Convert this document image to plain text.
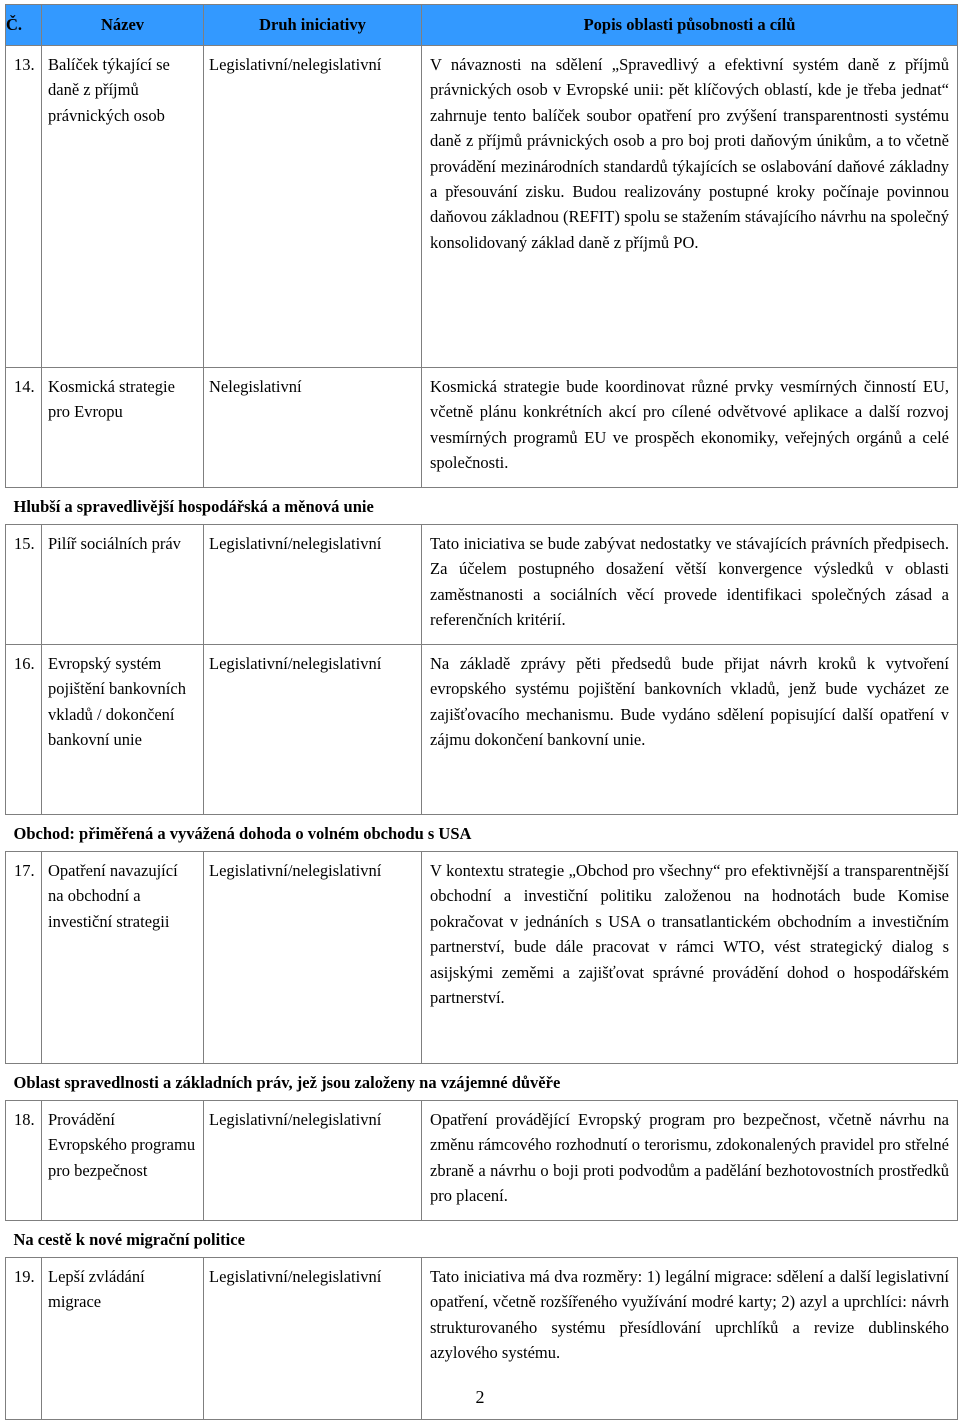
Č.	Název	Druh iniciativy	Popis oblasti působnosti a cílů
13.	Balíček týkající se daně z příjmů právnických osob	Legislativní/nelegislativní	V návaznosti na sdělení „Spravedlivý a efektivní systém daně z příjmů právnických osob v Evropské unii: pět klíčových oblastí, kde je třeba jednat“ zahrnuje tento balíček soubor opatření pro zvýšení transparentnosti systému daně z příjmů právnických osob a pro boj proti daňovým únikům, a to včetně provádění mezinárodních standardů týkajících se oslabování daňové základny a přesouvání zisku. Budou realizovány postupné kroky počínaje povinnou daňovou základnou (REFIT) spolu se stažením stávajícího návrhu na společný konsolidovaný základ daně z příjmů PO.
14.	Kosmická strategie pro Evropu	Nelegislativní	Kosmická strategie bude koordinovat různé prvky vesmírných činností EU, včetně plánu konkrétních akcí pro cílené odvětvové aplikace a další rozvoj vesmírných programů EU ve prospěch ekonomiky, veřejných orgánů a celé společnosti.
Hlubší a spravedlivější hospodářská a měnová unie			
15.	Pilíř sociálních práv	Legislativní/nelegislativní	Tato iniciativa se bude zabývat nedostatky ve stávajících právních předpisech. Za účelem postupného dosažení větší konvergence výsledků v oblasti zaměstnanosti a sociálních věcí provede identifikaci společných zásad a referenčních kritérií.
16.	Evropský systém pojištění bankovních vkladů / dokončení bankovní unie	Legislativní/nelegislativní	Na základě zprávy pěti předsedů bude přijat návrh kroků k vytvoření evropského systému pojištění bankovních vkladů, jenž bude vycházet ze zajišťovacího mechanismu. Bude vydáno sdělení popisující další opatření v zájmu dokončení bankovní unie.
Obchod: přiměřená a vyvážená dohoda o volném obchodu s USA			
17.	Opatření navazující na obchodní a investiční strategii	Legislativní/nelegislativní	V kontextu strategie „Obchod pro všechny“ pro efektivnější a transparentnější obchodní a investiční politiku založenou na hodnotách bude Komise pokračovat v jednáních s USA o transatlantickém obchodním a investičním partnerství, bude dále pracovat v rámci WTO, vést strategický dialog s asijskými zeměmi a zajišťovat správné provádění dohod o hospodářském partnerství.
Oblast spravedlnosti a základních práv, jež jsou založeny na vzájemné důvěře			
18.	Provádění Evropského programu pro bezpečnost	Legislativní/nelegislativní	Opatření provádějící Evropský program pro bezpečnost, včetně návrhu na změnu rámcového rozhodnutí o terorismu, zdokonalených pravidel pro střelné zbraně a návrhu o boji proti podvodům a padělání bezhotovostních prostředků pro placení.
Na cestě k nové migrační politice			
19.	Lepší zvládání migrace	Legislativní/nelegislativní	Tato iniciativa má dva rozměry: 1) legální migrace: sdělení a další legislativní opatření, včetně rozšířeného využívání modré karty; 2) azyl a uprchlíci: návrh strukturovaného systému přesídlování uprchlíků a revize dublinského azylového systému.
2
